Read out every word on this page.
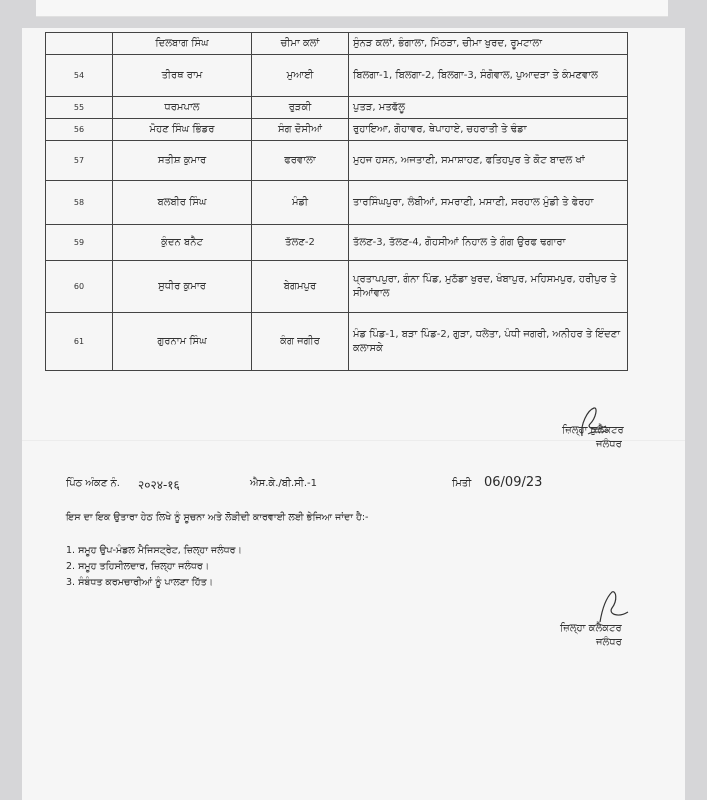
	ਦਿਲਬਾਗ ਸਿੰਘ	ਚੀਮਾ ਕਲਾਂ	ਸੁੰਨੜ ਕਲਾਂ, ਭੰਗਾਲਾ, ਮਿੰਠੜਾ, ਚੀਮਾ ਖੁਰਦ, ਰੂਮਟਾਲਾ
54	ਤੀਰਥ ਰਾਮ	ਮੁਆਈ	ਬਿਲਗਾ-1, ਬਿਲਗਾ-2, ਬਿਲਗਾ-3, ਸੰਗੋਵਾਲ, ਪੁਆਦੜਾ ਤੇ ਕੰਮਣਵਾਲ
55	ਧਰਮਪਾਲ	ਰੁੜਕੀ	ਪੁਤੜ, ਮਤਫੱਲੂ
56	ਮੋਹਣ ਸਿੰਘ ਭਿੰਡਰ	ਸੰਗ ਦੋਸੀਆਂ	ਰੁਹਾਇਆ, ਗੋਹਾਵਰ, ਥੇਪਾਹਾਏ, ਚਹਰਾਤੀ ਤੇ ਢੰਡਾ
57	ਸਤੀਸ਼ ਕੁਮਾਰ	ਫਰਵਾਲਾ	ਮੁਹਜ ਹਸਨ, ਅਜਤਾਣੀ, ਸਮਾਸ਼ਾਹਣ, ਫਤਿਹਪੁਰ ਤੇ ਕੋਟ ਬਾਦਲ ਖਾਂ
58	ਬਲਬੀਰ ਸਿੰਘ	ਮੰਡੀ	ਤਾਰਸਿੰਘਪੁਰਾ, ਲੰਬੀਆਂ, ਸਮਰਾਣੀ, ਮਸਾਣੀ, ਸਰਹਾਲ ਮੁੰਡੀ ਤੇ ਫੇਰਹਾ
59	ਕੁੰਦਨ ਬਨੈਟ	ਤੱਲਣ-2	ਤੱਲਣ-3, ਤੱਲਣ-4, ਗੋਹਸੀਆਂ ਨਿਹਾਲ ਤੇ ਗੰਗ ਉਰਫ ਢਗਾਰਾ
60	ਸੁਧੀਰ ਕੁਮਾਰ	ਬੇਗਮਪੁਰ	ਪ੍ਰਤਾਪਪੁਰਾ, ਗੰਨਾ ਪਿੰਡ, ਮੁਠੱਡਾ ਖੁਰਦ, ਖੰਬਾਪੁਰ, ਮਹਿਸਮਪੁਰ, ਹਰੀਪੁਰ ਤੇ ਸੀਆਂਵਾਲ
61	ਗੁਰਨਾਮ ਸਿੰਘ	ਕੰਗ ਜਗੀਰ	ਮੰਡ ਪਿੰਡ-1, ਬੜਾ ਪਿੰਡ-2, ਗੁੜਾ, ਧਲੇਤਾ, ਪੰਧੀ ਜਗਰੀ, ਅਨੀਹਰ ਤੇ ਇੰਦਣਾ ਕਲਾਸਕੇ
ਜ਼ਿਲ੍ਹਾ ਕੁਲੈਕਟਰ
ਜਲੰਧਰ
ਪਿੰਠ ਅੰਕਣ ਨੰ. २०२४-१६	ਐਸ.ਕੇ./ਬੀ.ਸੀ.-1	ਮਿਤੀ 06/09/23
ਇਸ ਦਾ ਇਕ ਉਤਾਰਾ ਹੇਠ ਲਿਖੇ ਨੂੰ ਸੂਚਨਾ ਅਤੇ ਲੋੜੀਦੀ ਕਾਰਵਾਈ ਲਈ ਭੇਜਿਆ ਜਾਂਦਾ ਹੈ:-
1. ਸਮੂਹ ਉਪ-ਮੰਡਲ ਮੈਜਿਸਟ੍ਰੇਟ, ਜ਼ਿਲ੍ਹਾ ਜਲੰਧਰ।
2. ਸਮੂਹ ਤਹਿਸੀਲਦਾਰ, ਜ਼ਿਲ੍ਹਾ ਜਲੰਧਰ।
3. ਸੰਬੰਧਤ ਕਰਮਚਾਰੀਆਂ ਨੂੰ ਪਾਲਣਾ ਹਿੱਤ।
ਜ਼ਿਲ੍ਹਾ ਕਲੈਕਟਰ
ਜਲੰਧਰ
